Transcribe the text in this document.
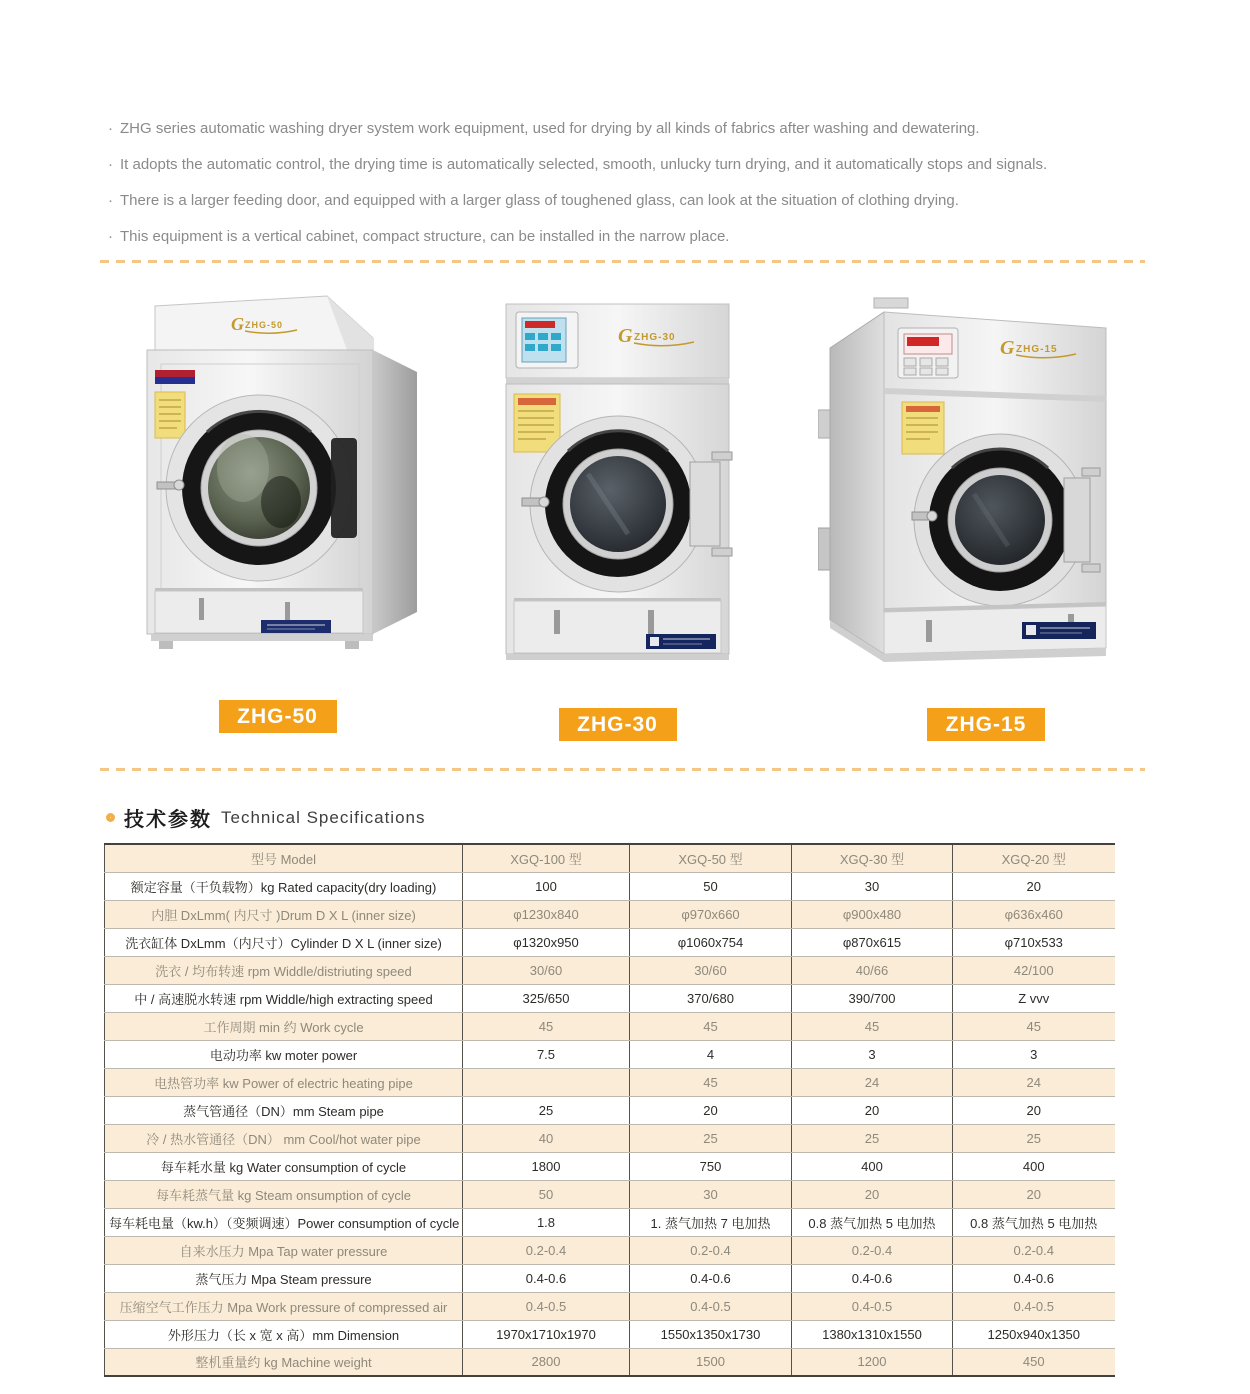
· ZHG series automatic washing dryer system work equipment, used for drying by all kinds of fabrics after washing and dewatering.
· It adopts the automatic control, the drying time is automatically selected, smooth, unlucky turn drying, and it automatically stops and signals.
· There is a larger feeding door, and equipped with a larger glass of toughened glass, can look at the situation of clothing drying.
· This equipment is a vertical cabinet, compact structure, can be installed in the narrow place.
G ZHG-50
ZHG-50
G ZHG-30
ZHG-30
G ZHG-15
ZHG-15
技术参数 Technical Specifications
型号 Model	XGQ-100 型	XGQ-50 型	XGQ-30 型	XGQ-20 型
额定容量（干负载物）kg Rated capacity(dry loading)	100	50	30	20
内胆 DxLmm( 内尺寸 )Drum D X L (inner size)	φ1230x840	φ970x660	φ900x480	φ636x460
洗衣缸体 DxLmm（内尺寸）Cylinder D X L (inner size)	φ1320x950	φ1060x754	φ870x615	φ710x533
洗衣 / 均布转速 rpm Widdle/distriuting speed	30/60	30/60	40/66	42/100
中 / 高速脱水转速 rpm Widdle/high extracting speed	325/650	370/680	390/700	Z vvv
工作周期 min 约 Work cycle	45	45	45	45
电动功率 kw moter power	7.5	4	3	3
电热管功率 kw Power of electric heating pipe		45	24	24
蒸气管通径（DN）mm Steam pipe	25	20	20	20
冷 / 热水管通径（DN） mm Cool/hot water pipe	40	25	25	25
每车耗水量 kg Water consumption of cycle	1800	750	400	400
每车耗蒸气量 kg Steam onsumption of cycle	50	30	20	20
每车耗电量（kw.h）（变频调速）Power consumption of cycle	1.8	1. 蒸气加热 7 电加热	0.8 蒸气加热 5 电加热	0.8 蒸气加热 5 电加热
自来水压力 Mpa Tap water pressure	0.2-0.4	0.2-0.4	0.2-0.4	0.2-0.4
蒸气压力 Mpa Steam pressure	0.4-0.6	0.4-0.6	0.4-0.6	0.4-0.6
压缩空气工作压力 Mpa Work pressure of compressed air	0.4-0.5	0.4-0.5	0.4-0.5	0.4-0.5
外形压力（长 x 宽 x 高）mm Dimension	1970x1710x1970	1550x1350x1730	1380x1310x1550	1250x940x1350
整机重量约 kg Machine weight	2800	1500	1200	450
